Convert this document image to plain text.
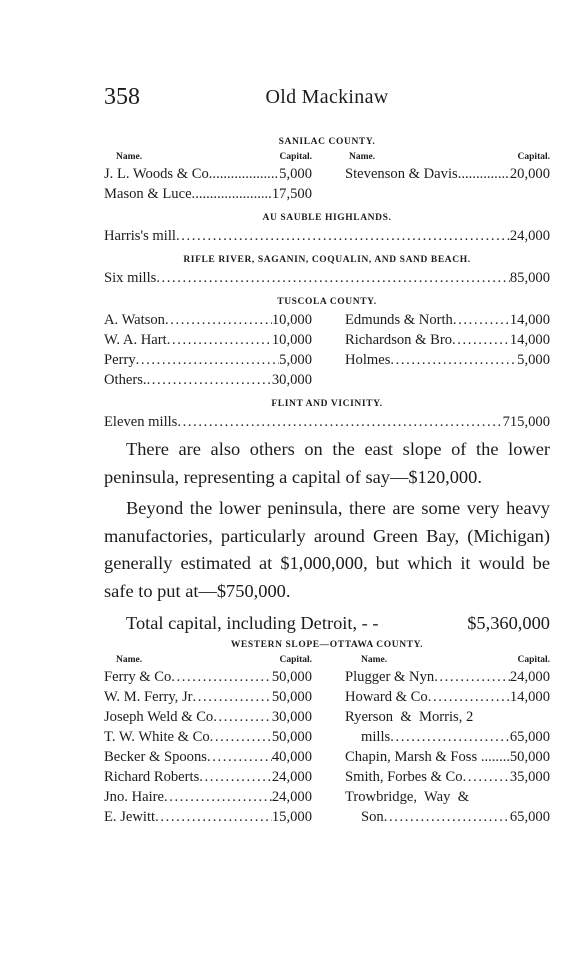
358	Old Mackinaw
SANILAC COUNTY.
Name.	Capital.
J. L. Woods & Co..... .....	5,000
Mason & Luce....... .....	17,500
Name.	Capital.
Stevenson & Davis... .....	20,000
AU SAUBLE HIGHLANDS.
Harris's mill .....	24,000
RIFLE RIVER, SAGANIN, COQUALIN, AND SAND BEACH.
Six mills .....	85,000
TUSCOLA COUNTY.
A. Watson .....	10,000
W. A. Hart .....	10,000
Perry .....	5,000
Others. .....	30,000
Edmunds & North .....	14,000
Richardson & Bro .....	14,000
Holmes .....	5,000
FLINT AND VICINITY.
Eleven mills .....	715,000

There are also others on the east slope of the lower peninsula, representing a capital of say—$120,000.

Beyond the lower peninsula, there are some very heavy manufactories, particularly around Green Bay, (Michigan) generally estimated at $1,000,000, but which it would be safe to put at—$750,000.

Total capital, including Detroit, - -	$5,360,000
WESTERN SLOPE—OTTAWA COUNTY.
Name.	Capital.
Ferry & Co .....	50,000
W. M. Ferry, Jr .....	50,000
Joseph Weld & Co .....	30,000
T. W. White & Co .....	50,000
Becker & Spoons .....	40,000
Richard Roberts .....	24,000
Jno. Haire .....	24,000
E. Jewitt .....	15,000
Name.	Capital.
Plugger & Nyn .....	24,000
Howard & Co .....	14,000
Ryerson  &  Morris, 2
mills .....	65,000
Chapin, Marsh & Foss ..... 50,000
Smith, Forbes & Co .....	35,000
Trowbridge,  Way  &
Son .....	65,000
